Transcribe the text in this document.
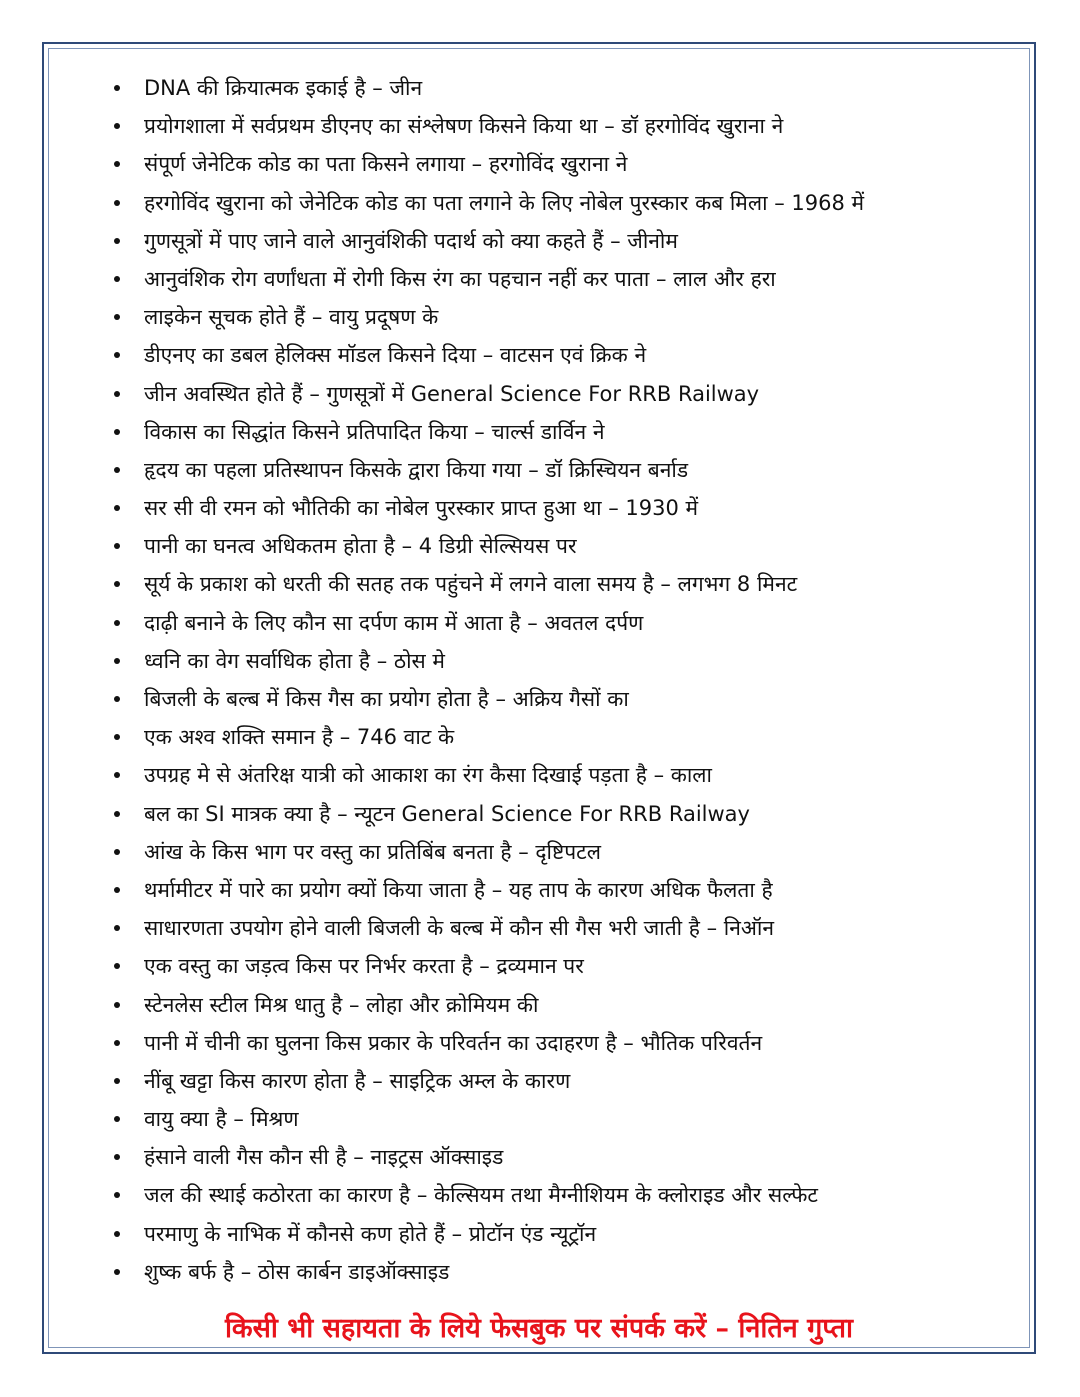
DNA की क्रियात्मक इकाई है – जीन
प्रयोगशाला में सर्वप्रथम डीएनए का संश्लेषण किसने किया था – डॉ हरगोविंद खुराना ने
संपूर्ण जेनेटिक कोड का पता किसने लगाया – हरगोविंद खुराना ने
हरगोविंद खुराना को जेनेटिक कोड का पता लगाने के लिए नोबेल पुरस्कार कब मिला – 1968 में
गुणसूत्रों में पाए जाने वाले आनुवंशिकी पदार्थ को क्या कहते हैं – जीनोम
आनुवंशिक रोग वर्णांधता में रोगी किस रंग का पहचान नहीं कर पाता – लाल और हरा
लाइकेन सूचक होते हैं – वायु प्रदूषण के
डीएनए का डबल हेलिक्स मॉडल किसने दिया – वाटसन एवं क्रिक ने
जीन अवस्थित होते हैं – गुणसूत्रों में General Science For RRB Railway
विकास का सिद्धांत किसने प्रतिपादित किया – चार्ल्स डार्विन ने
हृदय का पहला प्रतिस्थापन किसके द्वारा किया गया – डॉ क्रिस्चियन बर्नाड
सर सी वी रमन को भौतिकी का नोबेल पुरस्कार प्राप्त हुआ था – 1930 में
पानी का घनत्व अधिकतम होता है – 4 डिग्री सेल्सियस पर
सूर्य के प्रकाश को धरती की सतह तक पहुंचने में लगने वाला समय है – लगभग 8 मिनट
दाढ़ी बनाने के लिए कौन सा दर्पण काम में आता है – अवतल दर्पण
ध्वनि का वेग सर्वाधिक होता है – ठोस मे
बिजली के बल्ब में किस गैस का प्रयोग होता है – अक्रिय गैसों का
एक अश्व शक्ति समान है – 746 वाट के
उपग्रह मे से अंतरिक्ष यात्री को आकाश का रंग कैसा दिखाई पड़ता है – काला
बल का SI मात्रक क्या है – न्यूटन General Science For RRB Railway
आंख के किस भाग पर वस्तु का प्रतिबिंब बनता है – दृष्टिपटल
थर्मामीटर में पारे का प्रयोग क्यों किया जाता है – यह ताप के कारण अधिक फैलता है
साधारणता उपयोग होने वाली बिजली के बल्ब में कौन सी गैस भरी जाती है – निऑन
एक वस्तु का जड़त्व किस पर निर्भर करता है – द्रव्यमान पर
स्टेनलेस स्टील मिश्र धातु है – लोहा और क्रोमियम की
पानी में चीनी का घुलना किस प्रकार के परिवर्तन का उदाहरण है – भौतिक परिवर्तन
नींबू खट्टा किस कारण होता है – साइट्रिक अम्ल के कारण
वायु क्या है – मिश्रण
हंसाने वाली गैस कौन सी है – नाइट्रस ऑक्साइड
जल की स्थाई कठोरता का कारण है – केल्सियम तथा मैग्नीशियम के क्लोराइड और सल्फेट
परमाणु के नाभिक में कौनसे कण होते हैं – प्रोटॉन एंड न्यूट्रॉन
शुष्क बर्फ है – ठोस कार्बन डाइऑक्साइड
किसी भी सहायता के लिये फेसबुक पर संपर्क करें – नितिन गुप्ता
